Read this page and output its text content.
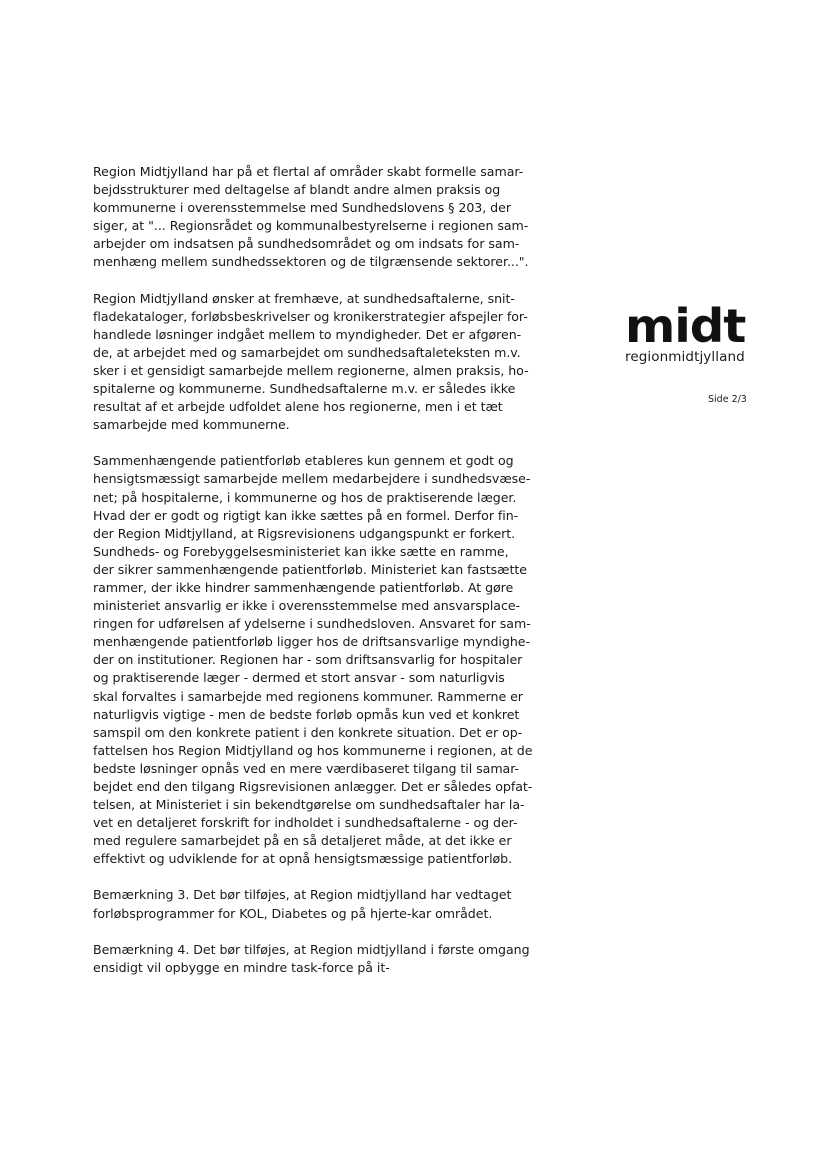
Region Midtjylland har på et flertal af områder skabt formelle samar-
bejdsstrukturer med deltagelse af blandt andre almen praksis og
kommunerne i overensstemmelse med Sundhedslovens § 203, der
siger, at "... Regionsrådet og kommunalbestyrelserne i regionen sam-
arbejder om indsatsen på sundhedsområdet og om indsats for sam-
menhæng mellem sundhedssektoren og de tilgrænsende sektorer...".
Region Midtjylland ønsker at fremhæve, at sundhedsaftalerne, snit-
fladekataloger, forløbsbeskrivelser og kronikerstrategier afspejler for-
handlede løsninger indgået mellem to myndigheder. Det er afgøren-
de, at arbejdet med og samarbejdet om sundhedsaftaleteksten m.v.
sker i et gensidigt samarbejde mellem regionerne, almen praksis, ho-
spitalerne og kommunerne. Sundhedsaftalerne m.v. er således ikke
resultat af et arbejde udfoldet alene hos regionerne, men i et tæt
samarbejde med kommunerne.
Sammenhængende patientforløb etableres kun gennem et godt og
hensigtsmæssigt samarbejde mellem medarbejdere i sundhedsvæse-
net; på hospitalerne, i kommunerne og hos de praktiserende læger.
Hvad der er godt og rigtigt kan ikke sættes på en formel. Derfor fin-
der Region Midtjylland, at Rigsrevisionens udgangspunkt er forkert.
Sundheds- og Forebyggelsesministeriet kan ikke sætte en ramme,
der sikrer sammenhængende patientforløb. Ministeriet kan fastsætte
rammer, der ikke hindrer sammenhængende patientforløb. At gøre
ministeriet ansvarlig er ikke i overensstemmelse med ansvarsplace-
ringen for udførelsen af ydelserne i sundhedsloven. Ansvaret for sam-
menhængende patientforløb ligger hos de driftsansvarlige myndighe-
der on institutioner. Regionen har - som driftsansvarlig for hospitaler
og praktiserende læger - dermed et stort ansvar - som naturligvis
skal forvaltes i samarbejde med regionens kommuner. Rammerne er
naturligvis vigtige - men de bedste forløb opmås kun ved et konkret
samspil om den konkrete patient i den konkrete situation. Det er op-
fattelsen hos Region Midtjylland og hos kommunerne i regionen, at de
bedste løsninger opnås ved en mere værdibaseret tilgang til samar-
bejdet end den tilgang Rigsrevisionen anlægger. Det er således opfat-
telsen, at Ministeriet i sin bekendtgørelse om sundhedsaftaler har la-
vet en detaljeret forskrift for indholdet i sundhedsaftalerne - og der-
med regulere samarbejdet på en så detaljeret måde, at det ikke er
effektivt og udviklende for at opnå hensigtsmæssige patientforløb.
Bemærkning 3. Det bør tilføjes, at Region midtjylland har vedtaget
forløbsprogrammer for KOL, Diabetes og på hjerte-kar området.
Bemærkning 4. Det bør tilføjes, at Region midtjylland i første omgang
ensidigt vil opbygge en mindre task-force på it-
midt
regionmidtjylland
Side 2/3
